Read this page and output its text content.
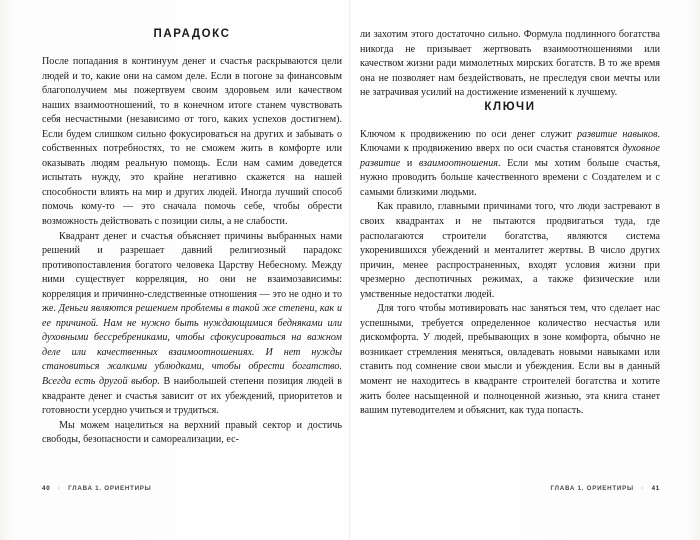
ПАРАДОКС

После попадания в континуум денег и счастья раскрываются цели людей и то, какие они на самом деле. Если в погоне за финансовым благополучием мы пожертвуем своим здоровьем или качеством наших взаимоотношений, то в конечном итоге станем чувствовать себя несчастными (независимо от того, каких успехов достигнем). Если будем слишком сильно фокусироваться на других и забывать о собственных потребностях, то не сможем жить в комфорте или оказывать людям реальную помощь. Если нам самим доведется испытать нужду, это крайне негативно скажется на нашей способности влиять на мир и других людей. Иногда лучший способ помочь кому-то — это сначала помочь себе, чтобы обрести возможность действовать с позиции силы, а не слабости.

Квадрант денег и счастья объясняет причины выбранных нами решений и разрешает давний религиозный парадокс противопоставления богатого человека Царству Небесному. Между ними существует корреляция, но они не взаимозависимы: корреляция и причинно-следственные отношения — это не одно и то же. Деньги являются решением проблемы в такой же степени, как и ее причиной. Нам не нужно быть нуждающимися бедняками или духовными бессребрениками, чтобы сфокусироваться на важном деле или качественных взаимоотношениях. И нет нужды становиться жалкими ублюдками, чтобы обрести богатство. Всегда есть другой выбор. В наибольшей степени позиция людей в квадранте денег и счастья зависит от их убеждений, приоритетов и готовности усердно учиться и трудиться.

Мы можем нацелиться на верхний правый сектор и достичь свободы, безопасности и самореализации, ес-

40 · ГЛАВА 1. ОРИЕНТИРЫ

ли захотим этого достаточно сильно. Формула подлинного богатства никогда не призывает жертвовать взаимоотношениями или качеством жизни ради мимолетных мирских богатств. В то же время она не позволяет нам бездействовать, не преследуя свои мечты или не затрачивая усилий на достижение изменений к лучшему.

КЛЮЧИ

Ключом к продвижению по оси денег служит развитие навыков. Ключами к продвижению вверх по оси счастья становятся духовное развитие и взаимоотношения. Если мы хотим больше счастья, нужно проводить больше качественного времени с Создателем и с самыми близкими людьми.

Как правило, главными причинами того, что люди застревают в своих квадрантах и не пытаются продвигаться туда, где располагаются строители богатства, являются система укоренившихся убеждений и менталитет жертвы. В число других причин, менее распространенных, входят условия жизни при чрезмерно деспотичных режимах, а также физические или умственные недостатки людей.

Для того чтобы мотивировать нас заняться тем, что сделает нас успешными, требуется определенное количество несчастья или дискомфорта. У людей, пребывающих в зоне комфорта, обычно не возникает стремления меняться, овладевать новыми навыками или ставить под сомнение свои мысли и убеждения. Если вы в данный момент не находитесь в квадранте строителей богатства и хотите жить более насыщенной и полноценной жизнью, эта книга станет вашим путеводителем и объяснит, как туда попасть.

ГЛАВА 1. ОРИЕНТИРЫ · 41
